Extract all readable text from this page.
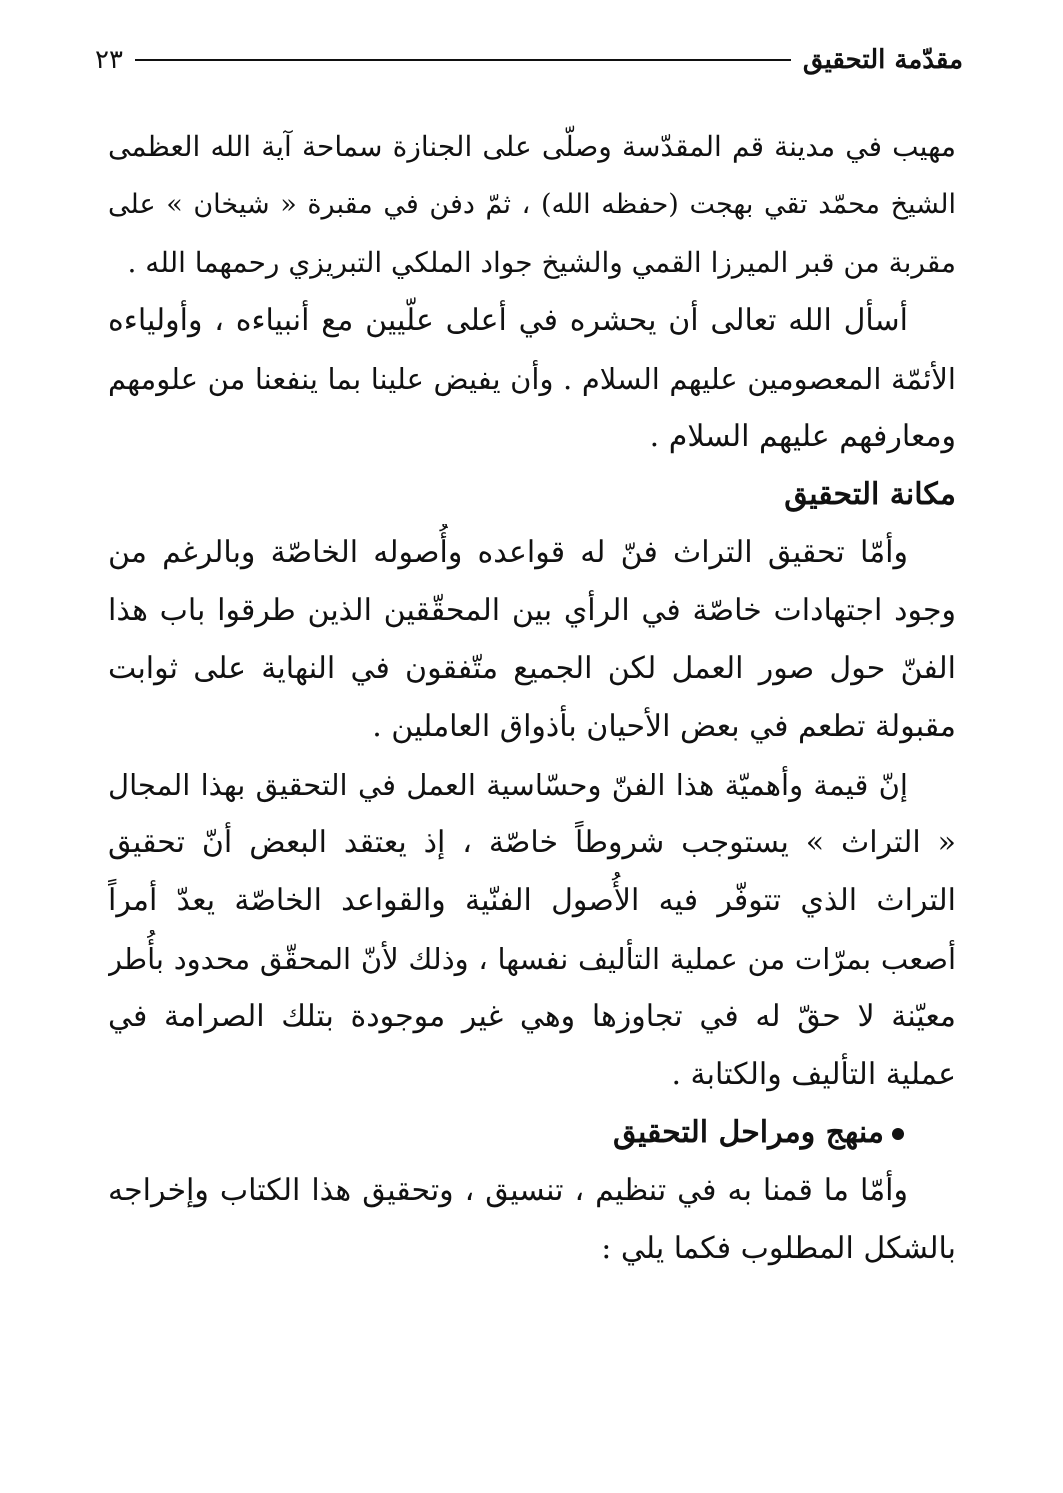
مقدّمة التحقيق
٢٣
مهيب في مدينة قم المقدّسة وصلّى على الجنازة سماحة آية الله العظمى
الشيخ محمّد تقي بهجت (حفظه الله) ، ثمّ دفن في مقبرة « شيخان » على
مقربة من قبر الميرزا القمي والشيخ جواد الملكي التبريزي رحمهما الله .
أسأل الله تعالى أن يحشره في أعلى علّيين مع أنبياءه ، وأولياءه
الأئمّة المعصومين عليهم السلام . وأن يفيض علينا بما ينفعنا من علومهم
ومعارفهم عليهم السلام .
مكانة التحقيق
وأمّا تحقيق التراث فنّ له قواعده وأُصوله الخاصّة وبالرغم من
وجود اجتهادات خاصّة في الرأي بين المحقّقين الذين طرقوا باب هذا
الفنّ حول صور العمل لكن الجميع متّفقون في النهاية على ثوابت
مقبولة تطعم في بعض الأحيان بأذواق العاملين .
إنّ قيمة وأهميّة هذا الفنّ وحسّاسية العمل في التحقيق بهذا المجال
« التراث » يستوجب شروطاً خاصّة ، إذ يعتقد البعض أنّ تحقيق
التراث الذي تتوفّر فيه الأُصول الفنّية والقواعد الخاصّة يعدّ أمراً
أصعب بمرّات من عملية التأليف نفسها ، وذلك لأنّ المحقّق محدود بأُطر
معيّنة لا حقّ له في تجاوزها وهي غير موجودة بتلك الصرامة في
عملية التأليف والكتابة .
منهج ومراحل التحقيق
وأمّا ما قمنا به في تنظيم ، تنسيق ، وتحقيق هذا الكتاب وإخراجه
بالشكل المطلوب فكما يلي :
